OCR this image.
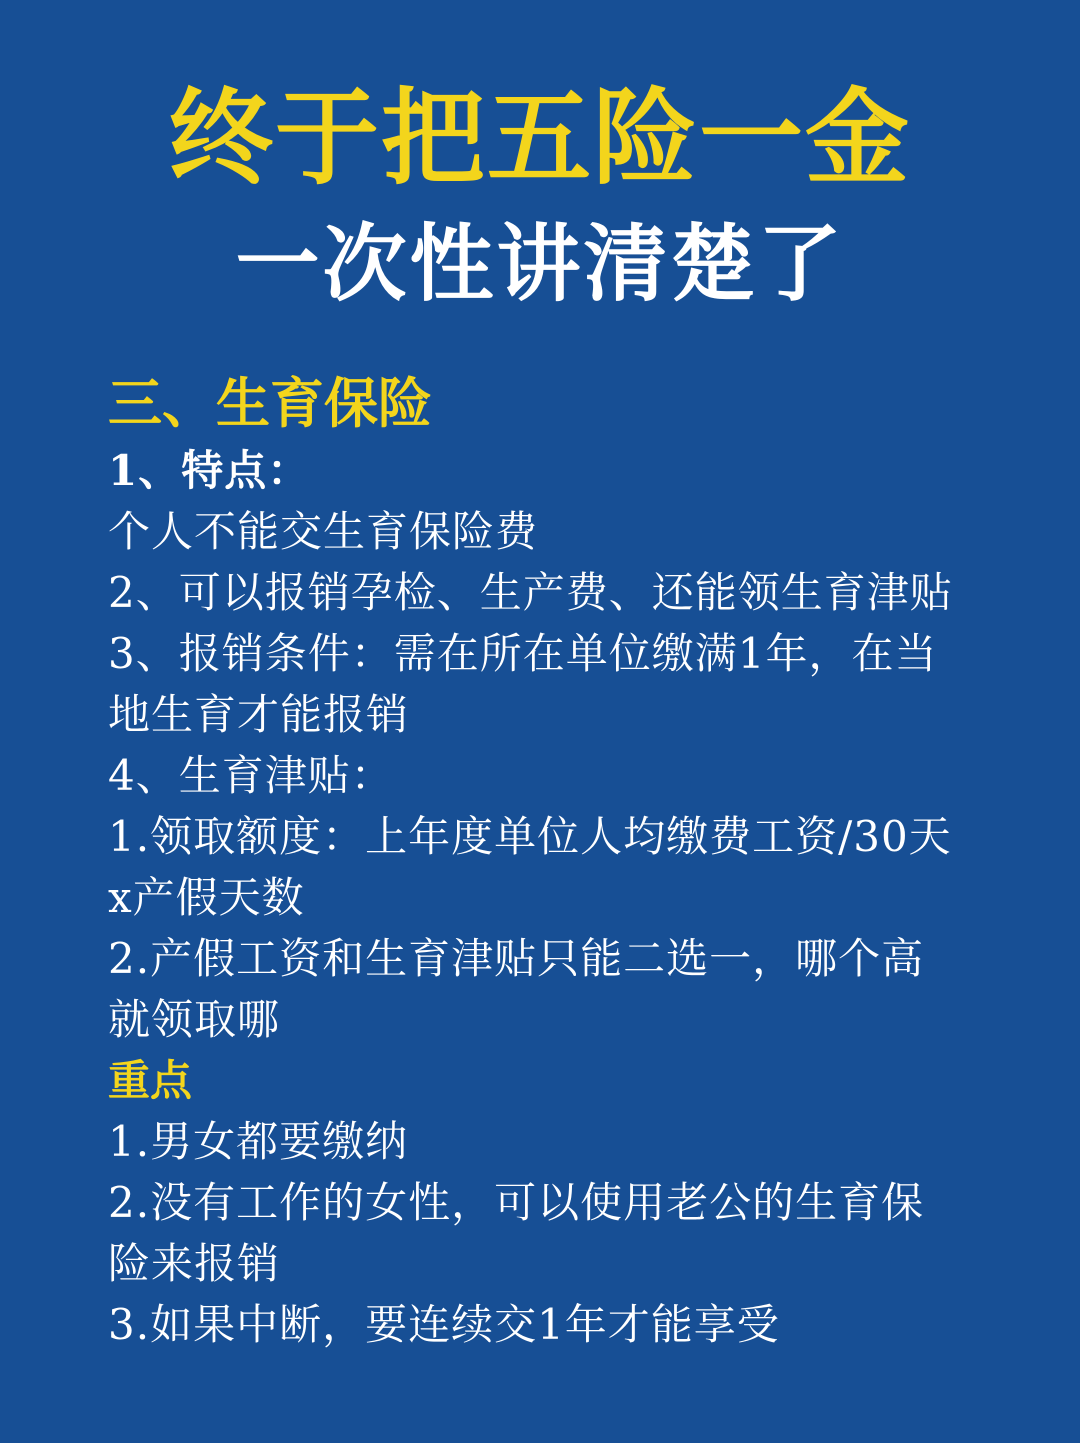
终于把五险一金
一次性讲清楚了
三、生育保险
1、特点：
个人不能交生育保险费
2、可以报销孕检、生产费、还能领生育津贴
3、报销条件：需在所在单位缴满1年，在当
地生育才能报销
4、生育津贴：
1.领取额度：上年度单位人均缴费工资/30天
x产假天数
2.产假工资和生育津贴只能二选一，哪个高
就领取哪
重点
1.男女都要缴纳
2.没有工作的女性，可以使用老公的生育保
险来报销
3.如果中断，要连续交1年才能享受
